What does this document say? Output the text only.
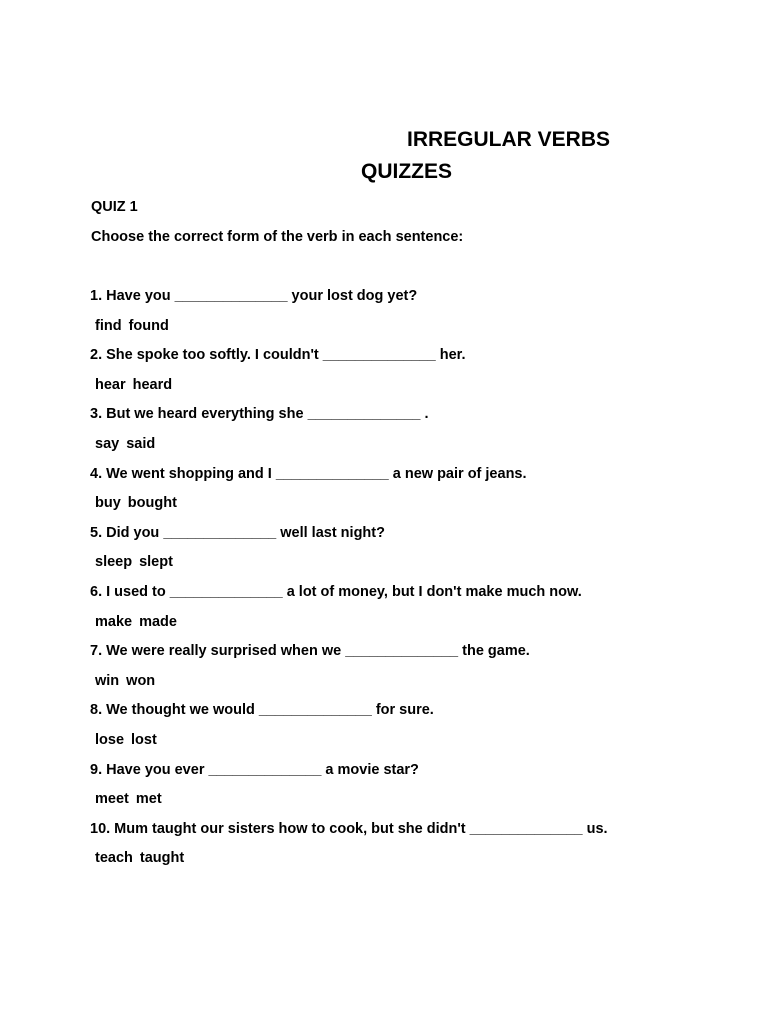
IRREGULAR VERBS
QUIZZES
QUIZ 1
Choose the correct form of the verb in each sentence:
1. Have you ______________ your lost dog yet?
find found
2. She spoke too softly. I couldn't ______________ her.
hear heard
3. But we heard everything she ______________ .
say said
4. We went shopping and I ______________ a new pair of jeans.
buy bought
5. Did you ______________ well last night?
sleep slept
6. I used to ______________ a lot of money, but I don't make much now.
make made
7. We were really surprised when we ______________ the game.
win won
8. We thought we would ______________ for sure.
lose lost
9. Have you ever ______________ a movie star?
meet met
10. Mum taught our sisters how to cook, but she didn't ______________ us.
teach taught
